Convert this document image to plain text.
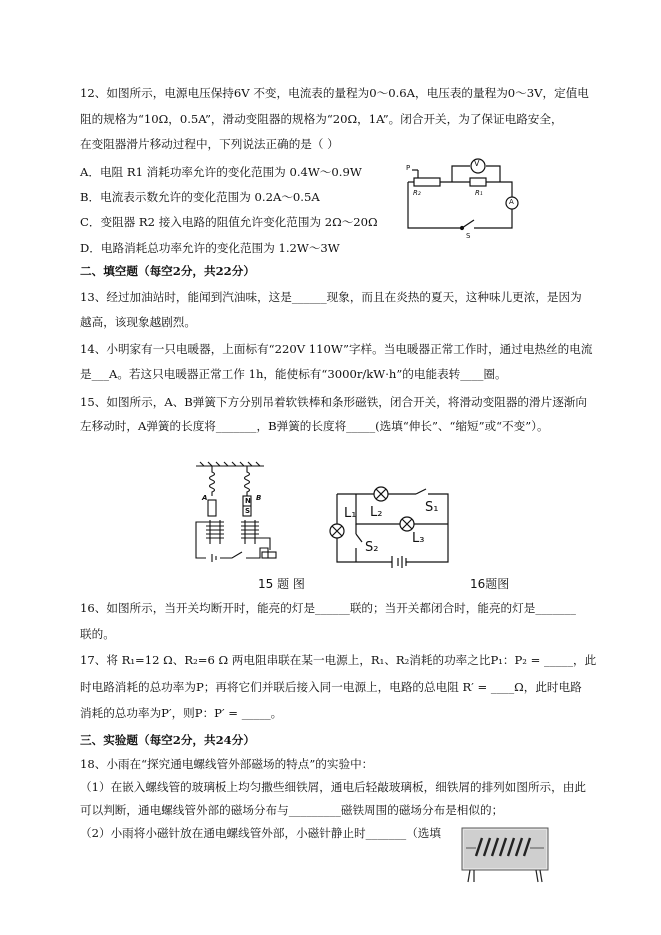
12、如图所示，电源电压保持6V 不变，电流表的量程为0～0.6A，电压表的量程为0～3V，定值电
阻的规格为“10Ω，0.5A”，滑动变阻器的规格为“20Ω，1A”。闭合开关，为了保证电路安全，
在变阻器滑片移动过程中，下列说法正确的是（ ）
A．电阻 R1 消耗功率允许的变化范围为 0.4W～0.9W
B．电流表示数允许的变化范围为 0.2A～0.5A
C．变阻器 R2 接入电路的阻值允许变化范围为 2Ω～20Ω
D．电路消耗总功率允许的变化范围为 1.2W～3W
V
A
R₂	R₁
S
P
二、填空题（每空2分，共22分）
13、经过加油站时，能闻到汽油味，这是______现象，而且在炎热的夏天，这种味儿更浓，是因为
越高，该现象越剧烈。
14、小明家有一只电暖器，上面标有“220V 110W”字样。当电暖器正常工作时，通过电热丝的电流
是___A。若这只电暖器正常工作 1h，能使标有“3000r/kW·h”的电能表转____圈。
15、如图所示，A、B弹簧下方分别吊着软铁棒和条形磁铁，闭合开关，将滑动变阻器的滑片逐渐向
左移动时，A弹簧的长度将_______，B弹簧的长度将_____(选填“伸长”、“缩短”或“不变”）。
A	B
N
S
15 题 图
L₁ L₂	S₁
S₂
L₃
16题图
16、如图所示，当开关均断开时，能亮的灯是______联的；当开关都闭合时，能亮的灯是_______
联的。
17、将 R₁=12 Ω、R₂=6 Ω 两电阻串联在某一电源上，R₁、R₂消耗的功率之比P₁：P₂ = _____，此
时电路消耗的总功率为P；再将它们并联后接入同一电源上，电路的总电阻 R′ = ____Ω，此时电路
消耗的总功率为P′，则P：P′ = _____。
三、实验题（每空2分，共24分）
18、小雨在“探究通电螺线管外部磁场的特点”的实验中：
（1）在嵌入螺线管的玻璃板上均匀撒些细铁屑，通电后轻敲玻璃板，细铁屑的排列如图所示，由此
可以判断，通电螺线管外部的磁场分布与_________磁铁周围的磁场分布是相似的；
（2）小雨将小磁针放在通电螺线管外部，小磁针静止时_______（选填
